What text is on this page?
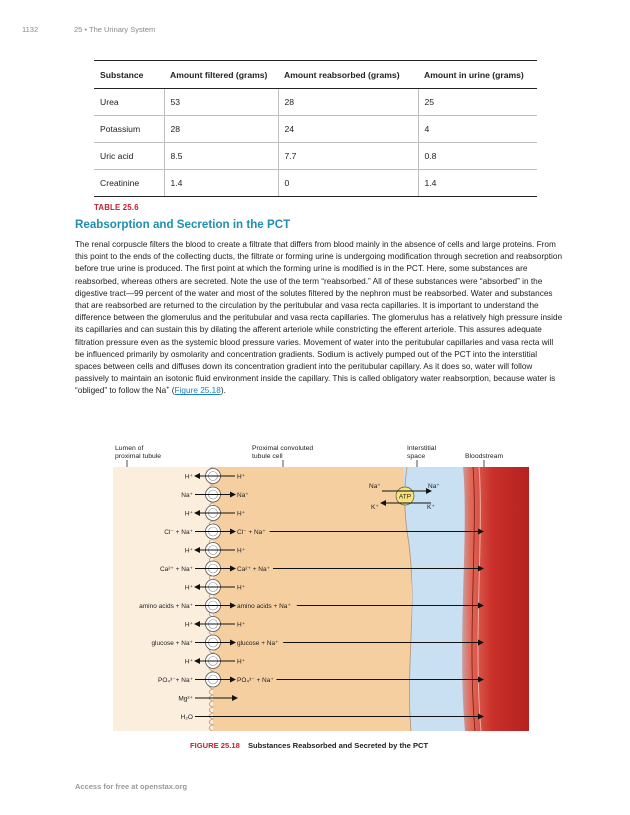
1132	25 • The Urinary System
Substance	Amount filtered (grams)	Amount reabsorbed (grams)	Amount in urine (grams)
Urea	53	28	25
Potassium	28	24	4
Uric acid	8.5	7.7	0.8
Creatinine	1.4	0	1.4
TABLE 25.6
Reabsorption and Secretion in the PCT

The renal corpuscle filters the blood to create a filtrate that differs from blood mainly in the absence of cells and large proteins. From this point to the ends of the collecting ducts, the filtrate or forming urine is undergoing modification through secretion and reabsorption before true urine is produced. The first point at which the forming urine is modified is in the PCT. Here, some substances are reabsorbed, whereas others are secreted. Note the use of the term “reabsorbed.” All of these substances were “absorbed” in the digestive tract—99 percent of the water and most of the solutes filtered by the nephron must be reabsorbed. Water and substances that are reabsorbed are returned to the circulation by the peritubular and vasa recta capillaries. It is important to understand the difference between the glomerulus and the peritubular and vasa recta capillaries. The glomerulus has a relatively high pressure inside its capillaries and can sustain this by dilating the afferent arteriole while constricting the efferent arteriole. This assures adequate filtration pressure even as the systemic blood pressure varies. Movement of water into the peritubular capillaries and vasa recta will be influenced primarily by osmolarity and concentration gradients. Sodium is actively pumped out of the PCT into the interstitial spaces between cells and diffuses down its concentration gradient into the peritubular capillary. As it does so, water will follow passively to maintain an isotonic fluid environment inside the capillary. This is called obligatory water reabsorption, because water is “obliged” to follow the Na+ (Figure 25.18).

Lumen of
proximal tubule
Proximal convoluted
tubule cell
Interstitial
space	Bloodstream
ATP
Na⁺	Na⁺
K⁺	K⁺
H⁺	H⁺
Na⁺	Na⁺
H⁺	H⁺
Cl⁻ + Na⁺	Cl⁻ + Na⁺
H⁺	H⁺
Ca²⁺ + Na⁺	Ca²⁺ + Na⁺
H⁺	H⁺
amino acids + Na⁺	amino acids + Na⁺
H⁺	H⁺
glucose + Na⁺	glucose + Na⁺
H⁺	H⁺
PO₄³⁻+ Na⁺	PO₄³⁻ + Na⁺
Mg²⁺
H₂O
FIGURE 25.18 Substances Reabsorbed and Secreted by the PCT
Access for free at openstax.org
